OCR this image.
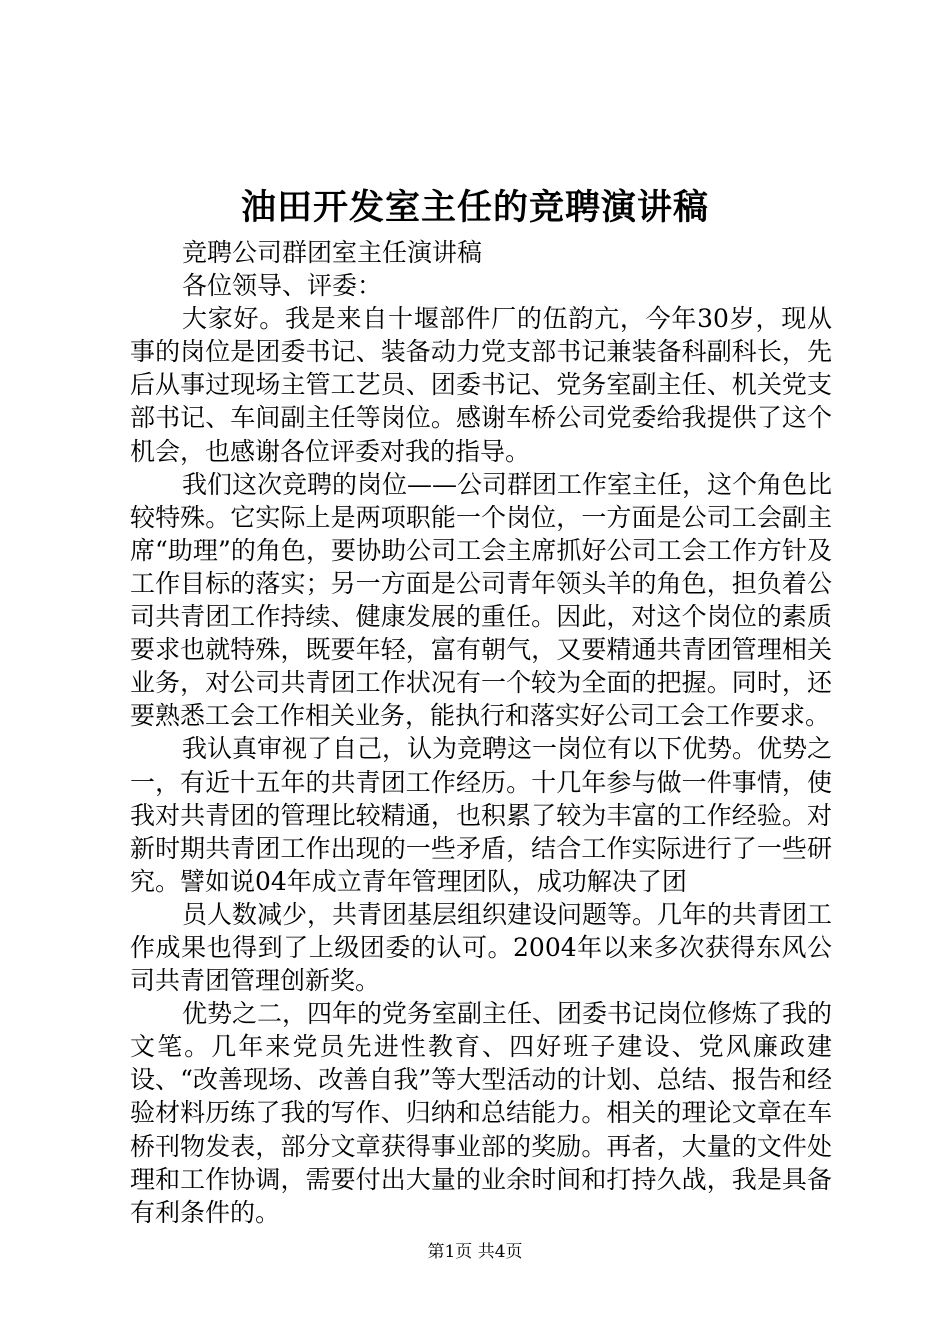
油田开发室主任的竞聘演讲稿

竞聘公司群团室主任演讲稿

各位领导、评委：

大家好。我是来自十堰部件厂的伍韵亢，今年30岁，现从事的岗位是团委书记、装备动力党支部书记兼装备科副科长，先后从事过现场主管工艺员、团委书记、党务室副主任、机关党支部书记、车间副主任等岗位。感谢车桥公司党委给我提供了这个机会，也感谢各位评委对我的指导。

我们这次竞聘的岗位——公司群团工作室主任，这个角色比较特殊。它实际上是两项职能一个岗位，一方面是公司工会副主席“助理”的角色，要协助公司工会主席抓好公司工会工作方针及工作目标的落实；另一方面是公司青年领头羊的角色，担负着公司共青团工作持续、健康发展的重任。因此，对这个岗位的素质要求也就特殊，既要年轻，富有朝气，又要精通共青团管理相关业务，对公司共青团工作状况有一个较为全面的把握。同时，还要熟悉工会工作相关业务，能执行和落实好公司工会工作要求。

我认真审视了自己，认为竞聘这一岗位有以下优势。优势之一，有近十五年的共青团工作经历。十几年参与做一件事情，使我对共青团的管理比较精通，也积累了较为丰富的工作经验。对新时期共青团工作出现的一些矛盾，结合工作实际进行了一些研究。譬如说04年成立青年管理团队，成功解决了团

员人数减少，共青团基层组织建设问题等。几年的共青团工作成果也得到了上级团委的认可。2004年以来多次获得东风公司共青团管理创新奖。

优势之二，四年的党务室副主任、团委书记岗位修炼了我的文笔。几年来党员先进性教育、四好班子建设、党风廉政建设、“改善现场、改善自我”等大型活动的计划、总结、报告和经验材料历练了我的写作、归纳和总结能力。相关的理论文章在车桥刊物发表，部分文章获得事业部的奖励。再者，大量的文件处理和工作协调，需要付出大量的业余时间和打持久战，我是具备有利条件的。

第1页 共4页
